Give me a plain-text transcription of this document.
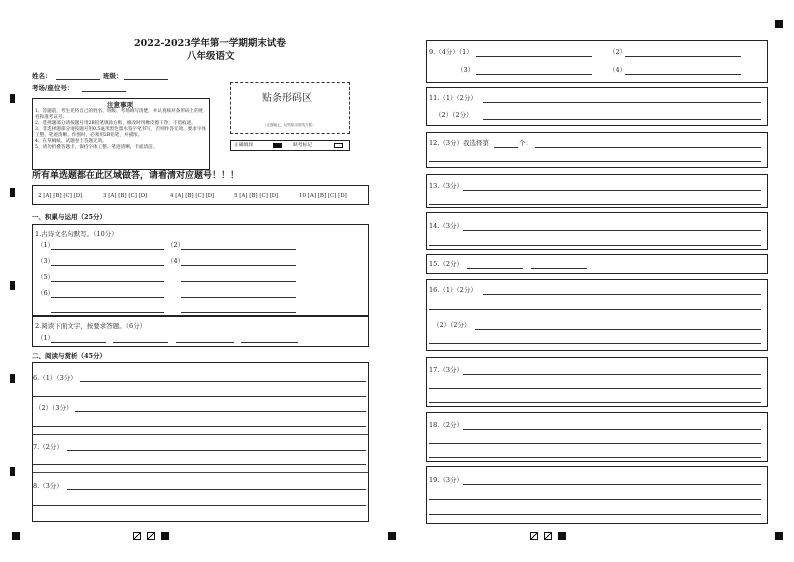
2022-2023学年第一学期期末试卷
八年级语文
姓名：	班级：
考场/座位号：
注意事项
1、答题前，考生先将自己的姓名、班级、考场填写清楚，并认真核对条形码上的姓名和准考证号。
2、选择题部分请按题号用2B铅笔填涂方框，修改时用橡皮擦干净，不留痕迹。
3、非选择题部分请按题号用0.5毫米黑色墨水签字笔书写，否则作答无效。要求字体工整、笔迹清晰。作图时，必须用2B铅笔，并描浓。
4、在草稿纸、试题卷上答题无效。
5、请勿折叠答题卡，保持字体工整、笔迹清晰、卡面清洁。
贴条形码区
（正面朝上，切勿贴出虚线方框）
正确填涂	缺考标记
所有单选题都在此区域做答，请看清对应题号！！！
2 [A] [B] [C] [D]	3 [A] [B] [C] [D]	4 [A] [B] [C] [D]	5 [A] [B] [C] [D]	10 [A] [B] [C] [D]
一、积累与运用（25分）
1.古诗文名句默写。（10分）
（1）	（2）
（3）	（4）
（5）
（6）
2.阅读下面文字，按要求答题。（6分）
（1）
二、阅读与赏析（45分）
6.（1）（3分）
（2）（3分）
7.（2分）
8.（3分）
9.（4分）（1）	（2）
（3）	（4）
11.（1）（2分）
（2）（2分）
12.（3分）我选择第	个：
13.（3分）
14.（3分）
15.（2分）
16.（1）（2分）
（2）（2分）
17.（3分）
18.（2分）
19.（3分）
